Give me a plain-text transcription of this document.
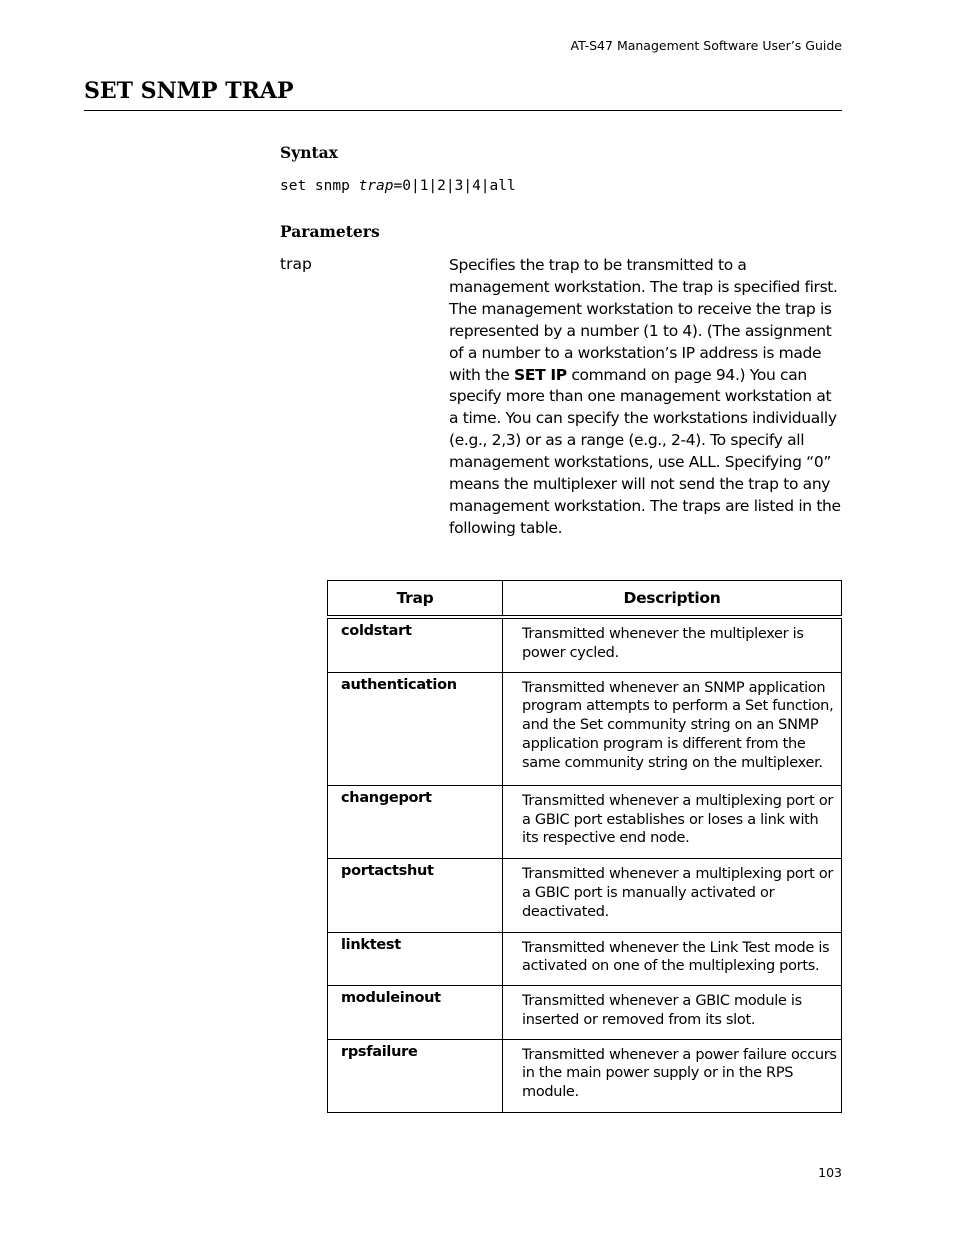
AT-S47 Management Software User’s Guide
SET SNMP TRAP
Syntax
set snmp trap=0|1|2|3|4|all
Parameters
trap	Specifies the trap to be transmitted to a management workstation. The trap is specified first. The management workstation to receive the trap is represented by a number (1 to 4). (The assignment of a number to a workstation’s IP address is made with the SET IP command on page 94.) You can specify more than one management workstation at a time. You can specify the workstations individually (e.g., 2,3) or as a range (e.g., 2-4). To specify all management workstations, use ALL. Specifying “0” means the multiplexer will not send the trap to any management workstation. The traps are listed in the following table.

Trap	Description
coldstart	Transmitted whenever the multiplexer is power cycled.
authentication	Transmitted whenever an SNMP application program attempts to perform a Set function, and the Set community string on an SNMP application program is different from the same community string on the multiplexer.
changeport	Transmitted whenever a multiplexing port or a GBIC port establishes or loses a link with its respective end node.
portactshut	Transmitted whenever a multiplexing port or a GBIC port is manually activated or deactivated.
linktest	Transmitted whenever the Link Test mode is activated on one of the multiplexing ports.
moduleinout	Transmitted whenever a GBIC module is inserted or removed from its slot.
rpsfailure	Transmitted whenever a power failure occurs in the main power supply or in the RPS module.
103
